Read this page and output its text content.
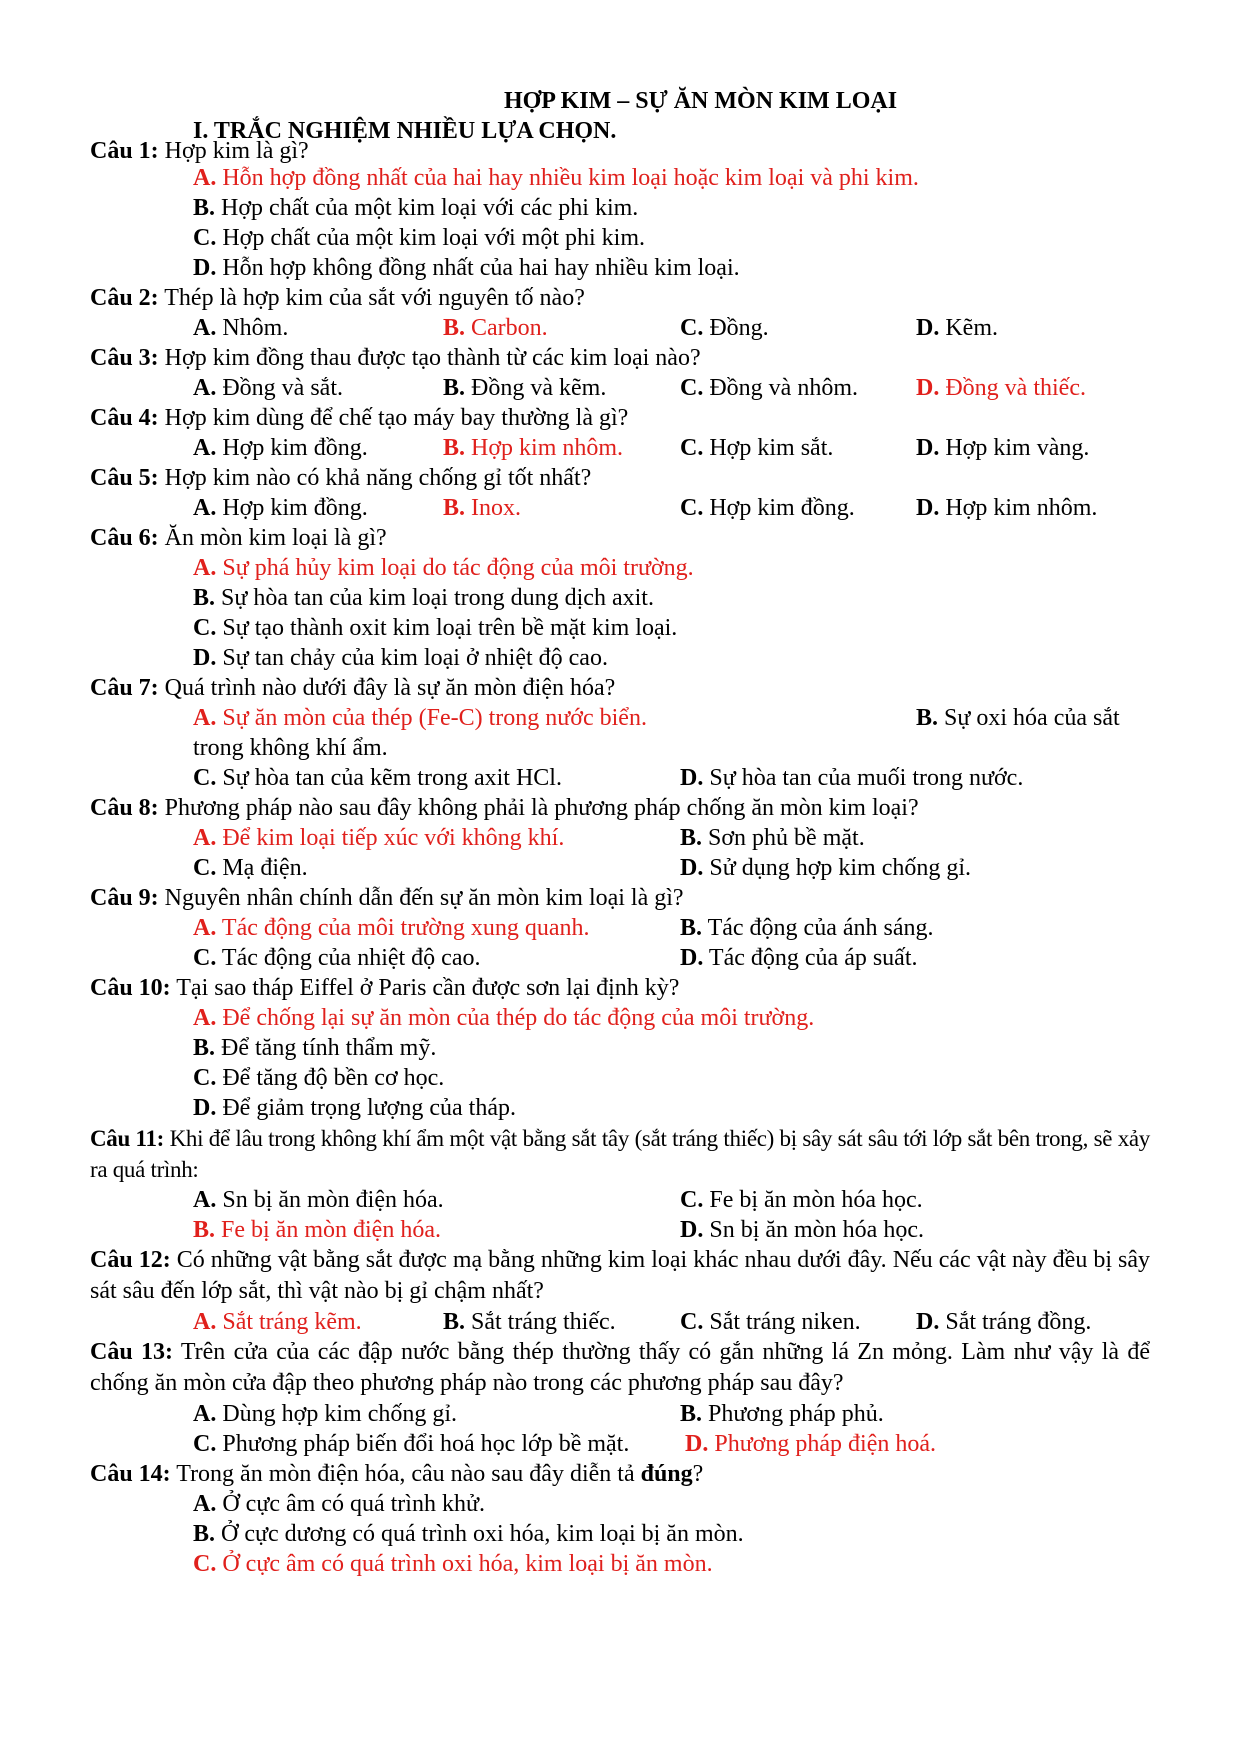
HỢP KIM – SỰ ĂN MÒN KIM LOẠI
I. TRẮC NGHIỆM NHIỀU LỰA CHỌN.
Câu 1: Hợp kim là gì?
A. Hỗn hợp đồng nhất của hai hay nhiều kim loại hoặc kim loại và phi kim.
B. Hợp chất của một kim loại với các phi kim.
C. Hợp chất của một kim loại với một phi kim.
D. Hỗn hợp không đồng nhất của hai hay nhiều kim loại.
Câu 2: Thép là hợp kim của sắt với nguyên tố nào?
A. Nhôm.	B. Carbon.	C. Đồng.	D. Kẽm.
Câu 3: Hợp kim đồng thau được tạo thành từ các kim loại nào?
A. Đồng và sắt.	B. Đồng và kẽm.	C. Đồng và nhôm. D. Đồng và thiếc.
Câu 4: Hợp kim dùng để chế tạo máy bay thường là gì?
A. Hợp kim đồng.	B. Hợp kim nhôm. C. Hợp kim sắt.	D. Hợp kim vàng.
Câu 5: Hợp kim nào có khả năng chống gỉ tốt nhất?
A. Hợp kim đồng.	B. Inox.	C. Hợp kim đồng.	D. Hợp kim nhôm.
Câu 6: Ăn mòn kim loại là gì?
A. Sự phá hủy kim loại do tác động của môi trường.
B. Sự hòa tan của kim loại trong dung dịch axit.
C. Sự tạo thành oxit kim loại trên bề mặt kim loại.
D. Sự tan chảy của kim loại ở nhiệt độ cao.
Câu 7: Quá trình nào dưới đây là sự ăn mòn điện hóa?
A. Sự ăn mòn của thép (Fe-C) trong nước biển.	B. Sự oxi hóa của sắt
trong không khí ẩm.
C. Sự hòa tan của kẽm trong axit HCl.	D. Sự hòa tan của muối trong nước.
Câu 8: Phương pháp nào sau đây không phải là phương pháp chống ăn mòn kim loại?
A. Để kim loại tiếp xúc với không khí.	B. Sơn phủ bề mặt.
C. Mạ điện.	D. Sử dụng hợp kim chống gỉ.
Câu 9: Nguyên nhân chính dẫn đến sự ăn mòn kim loại là gì?
A. Tác động của môi trường xung quanh.	B. Tác động của ánh sáng.
C. Tác động của nhiệt độ cao.	D. Tác động của áp suất.
Câu 10: Tại sao tháp Eiffel ở Paris cần được sơn lại định kỳ?
A. Để chống lại sự ăn mòn của thép do tác động của môi trường.
B. Để tăng tính thẩm mỹ.
C. Để tăng độ bền cơ học.
D. Để giảm trọng lượng của tháp.
Câu 11: Khi để lâu trong không khí ẩm một vật bằng sắt tây (sắt tráng thiếc) bị sây sát sâu tới lớp sắt bên trong, sẽ xảy ra quá trình:
A. Sn bị ăn mòn điện hóa.	C. Fe bị ăn mòn hóa học.
B. Fe bị ăn mòn điện hóa.	D. Sn bị ăn mòn hóa học.
Câu 12: Có những vật bằng sắt được mạ bằng những kim loại khác nhau dưới đây. Nếu các vật này đều bị sây sát sâu đến lớp sắt, thì vật nào bị gỉ chậm nhất?
A. Sắt tráng kẽm.	B. Sắt tráng thiếc.	C. Sắt tráng niken. D. Sắt tráng đồng.
Câu 13: Trên cửa của các đập nước bằng thép thường thấy có gắn những lá Zn mỏng. Làm như vậy là để chống ăn mòn cửa đập theo phương pháp nào trong các phương pháp sau đây?
A. Dùng hợp kim chống gỉ.	B. Phương pháp phủ.
C. Phương pháp biến đổi hoá học lớp bề mặt. D. Phương pháp điện hoá.
Câu 14: Trong ăn mòn điện hóa, câu nào sau đây diễn tả đúng?
A. Ở cực âm có quá trình khử.
B. Ở cực dương có quá trình oxi hóa, kim loại bị ăn mòn.
C. Ở cực âm có quá trình oxi hóa, kim loại bị ăn mòn.
